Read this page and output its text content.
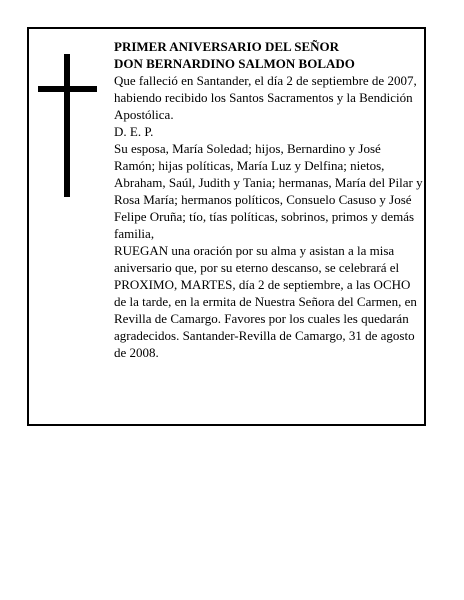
PRIMER ANIVERSARIO DEL SEÑOR

DON BERNARDINO SALMON BOLADO

Que falleció en Santander, el día 2 de septiembre de 2007,

habiendo recibido los Santos Sacramentos y la Bendición Apostólica.

D. E. P.

Su esposa, María Soledad; hijos, Bernardino y José Ramón; hijas políticas, María Luz y Delfina; nietos, Abraham, Saúl, Judith y Tania; hermanas, María del Pilar y Rosa María; hermanos políticos, Consuelo Casuso y José Felipe Oruña; tío, tías políticas, sobrinos, primos y demás familia,

RUEGAN una oración por su alma y asistan a la misa aniversario que, por su eterno descanso, se celebrará el PROXIMO, MARTES, día 2 de septiembre, a las OCHO de la tarde, en la ermita de Nuestra Señora del Carmen, en Revilla de Camargo. Favores por los cuales les quedarán agradecidos. Santander-Revilla de Camargo, 31 de agosto de 2008.
